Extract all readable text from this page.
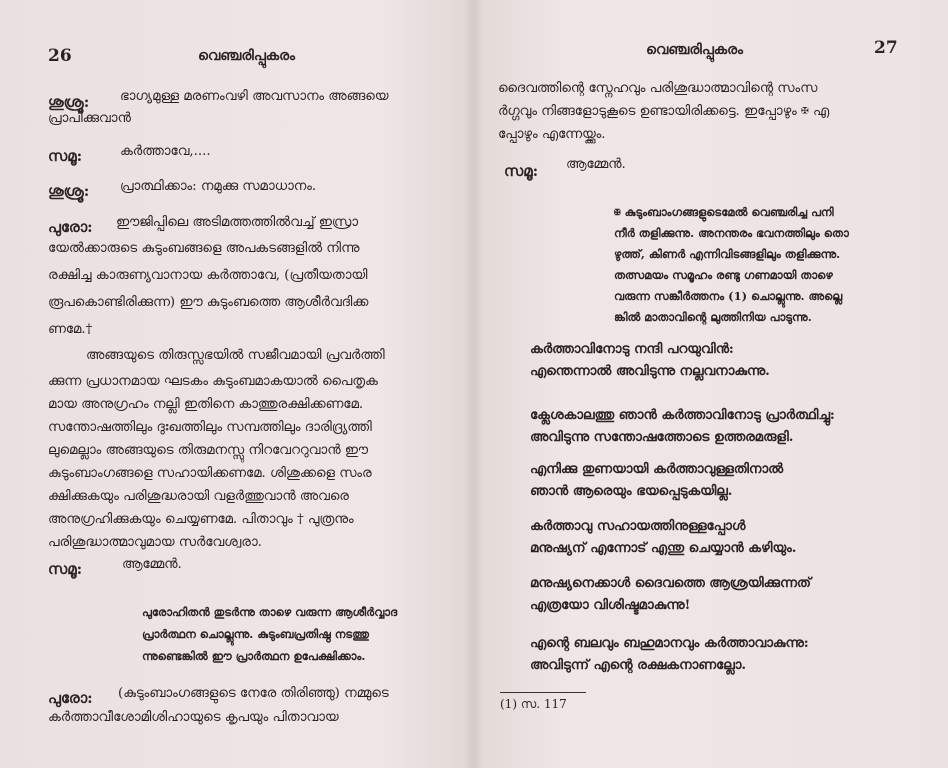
26	വെഞ്ചരിപ്പുകരം
ശുശ്രൂ: ഭാഗ്യമുള്ള മരണംവഴി അവസാനം അങ്ങയെ
പ്രാപിക്കുവാൻ
സമൂ:	കർത്താവേ,....
ശുശ്രൂ: പ്രാത്ഥിക്കാം: നമുക്കു സമാധാനം.
പുരോ: ഈജിപ്പിലെ അടിമത്തത്തിൽവച്ച് ഇസ്രാ
യേൽക്കാരുടെ കുടുംബങ്ങളെ അപകടങ്ങളിൽ നിന്നു
രക്ഷിച്ച കാരുണ്യവാനായ കർത്താവേ, (പ്രതീയതായി
രൂപകൊണ്ടിരിക്കുന്ന) ഈ കുടുംബത്തെ ആശീർവദിക്ക
ണമേ.†
അങ്ങയുടെ തിരുസ്സഭയിൽ സജീവമായി പ്രവർത്തി
ക്കുന്ന പ്രധാനമായ ഘടകം കുടുംബമാകയാൽ പൈതൃക
മായ അനുഗ്രഹം നല്ലി ഇതിനെ കാത്തുരക്ഷിക്കണമേ.
സന്തോഷത്തിലും ദുഃഖത്തിലും സമ്പത്തിലും ദാരിദ്ര്യത്തി
ലുമെല്ലാം അങ്ങയുടെ തിരുമനസ്സു നിറവേററുവാൻ ഈ
കുടുംബാംഗങ്ങളെ സഹായിക്കണമേ. ശിശുക്കളെ സംര
ക്ഷിക്കുകയും പരിശുദ്ധരായി വളർത്തുവാൻ അവരെ
അനുഗ്രഹിക്കുകയും ചെയ്യണമേ. പിതാവും † പുത്രനും
പരിശുദ്ധാത്മാവുമായ സർവേശ്വരാ.
സമൂ:	ആമ്മേൻ.
പുരോഹിതൻ തുടർന്നു താഴെ വരുന്ന ആശീർവ്വാദ
പ്രാർത്ഥന ചൊല്ലുന്നു. കുടുംബപ്രതിഷ്ഠ നടത്തു
ന്നുണ്ടെങ്കിൽ ഈ പ്രാർത്ഥന ഉപേക്ഷിക്കാം.
പുരോ: (കുടുംബാംഗങ്ങളുടെ നേരേ തിരിഞ്ഞു) നമ്മുടെ
കർത്താവീശോമിശിഹായുടെ കൃപയും പിതാവായ
വെഞ്ചരിപ്പുകരം	27
ദൈവത്തിന്റെ സ്നേഹവും പരിശുദ്ധാത്മാവിന്റെ സംസ
ർഗ്ഗവും നിങ്ങളോടുകൂടെ ഉണ്ടായിരിക്കട്ടെ. ഇപ്പോഴും ✠ എ
പ്പോഴും എന്നേയ്ക്കും.
സമൂ: ആമ്മേൻ.
✠ കുടുംബാംഗങ്ങളുടെമേൽ വെഞ്ചരിച്ച പനി
നീർ തളിക്കുന്നു. അനന്തരം ഭവനത്തിലും തൊ
ഴുത്ത്, കിണർ എന്നിവിടങ്ങളിലും തളിക്കുന്നു.
തത്സമയം സമൂഹം രണ്ടു ഗണമായി താഴെ
വരുന്ന സങ്കീർത്തനം (1) ചൊല്ലുന്നു. അല്ലെ
ങ്കിൽ മാതാവിന്റെ ലുത്തിനിയ പാടുന്നു.
കർത്താവിനോടു നന്ദി പറയുവിൻ:
എന്തെന്നാൽ അവിടുന്നു നല്ലവനാകുന്നു.
ക്ലേശകാലത്തു ഞാൻ കർത്താവിനോടു പ്രാർത്ഥിച്ചു:
അവിടുന്നു സന്തോഷത്തോടെ ഉത്തരമരുളി.
എനിക്കു തുണയായി കർത്താവുള്ളതിനാൽ
ഞാൻ ആരെയും ഭയപ്പെടുകയില്ല.
കർത്താവു സഹായത്തിനുള്ളപ്പോൾ
മനുഷ്യന് എന്നോട് എന്തു ചെയ്യാൻ കഴിയും.
മനുഷ്യനെക്കാൾ ദൈവത്തെ ആശ്രയിക്കുന്നത്
എത്രയോ വിശിഷ്ടമാകുന്നു!
എന്റെ ബലവും ബഹുമാനവും കർത്താവാകുന്നു:
അവിടുന്ന് എന്റെ രക്ഷകനാണല്ലോ.
(1) സ. 117
